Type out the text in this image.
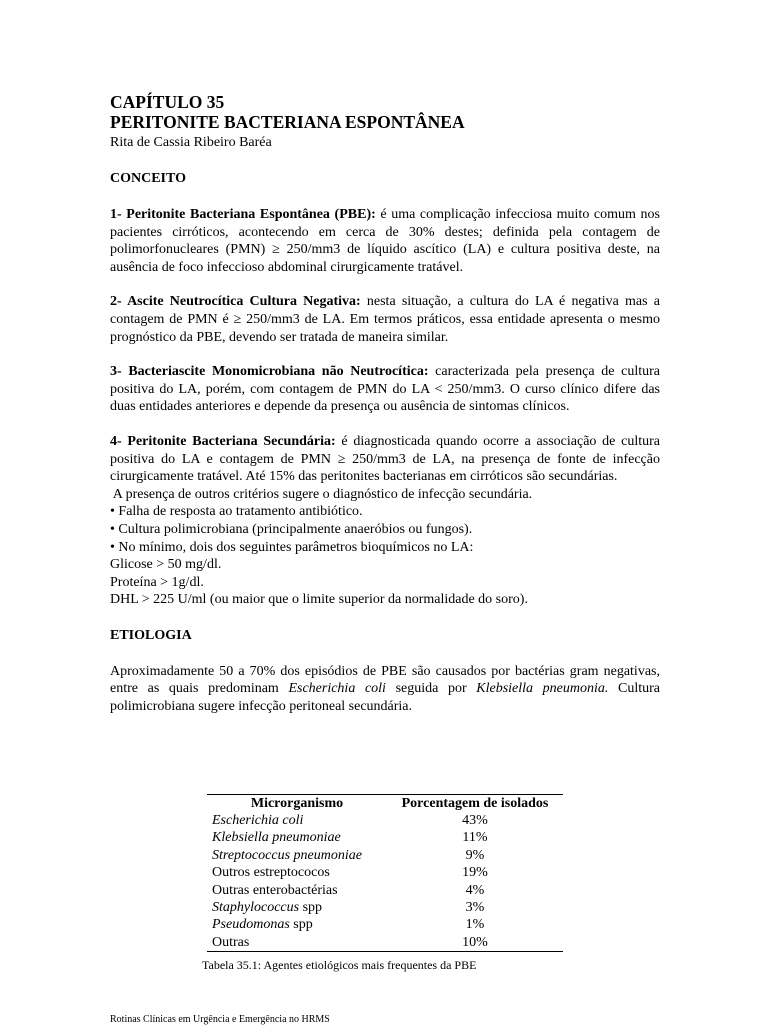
CAPÍTULO 35
PERITONITE BACTERIANA ESPONTÂNEA
Rita de Cassia Ribeiro Baréa
CONCEITO

1- Peritonite Bacteriana Espontânea (PBE): é uma complicação infecciosa muito comum nos pacientes cirróticos, acontecendo em cerca de 30% destes; definida pela contagem de polimorfonucleares (PMN) ≥ 250/mm3 de líquido ascítico (LA) e cultura positiva deste, na ausência de foco infeccioso abdominal cirurgicamente tratável.

2- Ascite Neutrocítica Cultura Negativa: nesta situação, a cultura do LA é negativa mas a contagem de PMN é ≥ 250/mm3 de LA. Em termos práticos, essa entidade apresenta o mesmo prognóstico da PBE, devendo ser tratada de maneira similar.

3- Bacteriascite Monomicrobiana não Neutrocítica: caracterizada pela presença de cultura positiva do LA, porém, com contagem de PMN do LA < 250/mm3. O curso clínico difere das duas entidades anteriores e depende da presença ou ausência de sintomas clínicos.

4- Peritonite Bacteriana Secundária: é diagnosticada quando ocorre a associação de cultura positiva do LA e contagem de PMN ≥ 250/mm3 de LA, na presença de fonte de infecção cirurgicamente tratável. Até 15% das peritonites bacterianas em cirróticos são secundárias.

A presença de outros critérios sugere o diagnóstico de infecção secundária.
• Falha de resposta ao tratamento antibiótico.
• Cultura polimicrobiana (principalmente anaeróbios ou fungos).
• No mínimo, dois dos seguintes parâmetros bioquímicos no LA:
Glicose > 50 mg/dl.
Proteína > 1g/dl.
DHL > 225 U/ml (ou maior que o limite superior da normalidade do soro).
ETIOLOGIA

Aproximadamente 50 a 70% dos episódios de PBE são causados por bactérias gram negativas, entre as quais predominam Escherichia coli seguida por Klebsiella pneumonia. Cultura polimicrobiana sugere infecção peritoneal secundária.

Microrganismo	Porcentagem de isolados
Escherichia coli	43%
Klebsiella pneumoniae	11%
Streptococcus pneumoniae	9%
Outros estreptococos	19%
Outras enterobactérias	4%
Staphylococcus spp	3%
Pseudomonas spp	1%
Outras	10%
Tabela 35.1: Agentes etiológicos mais frequentes da PBE
Rotinas Clínicas em Urgência e Emergência no HRMS
